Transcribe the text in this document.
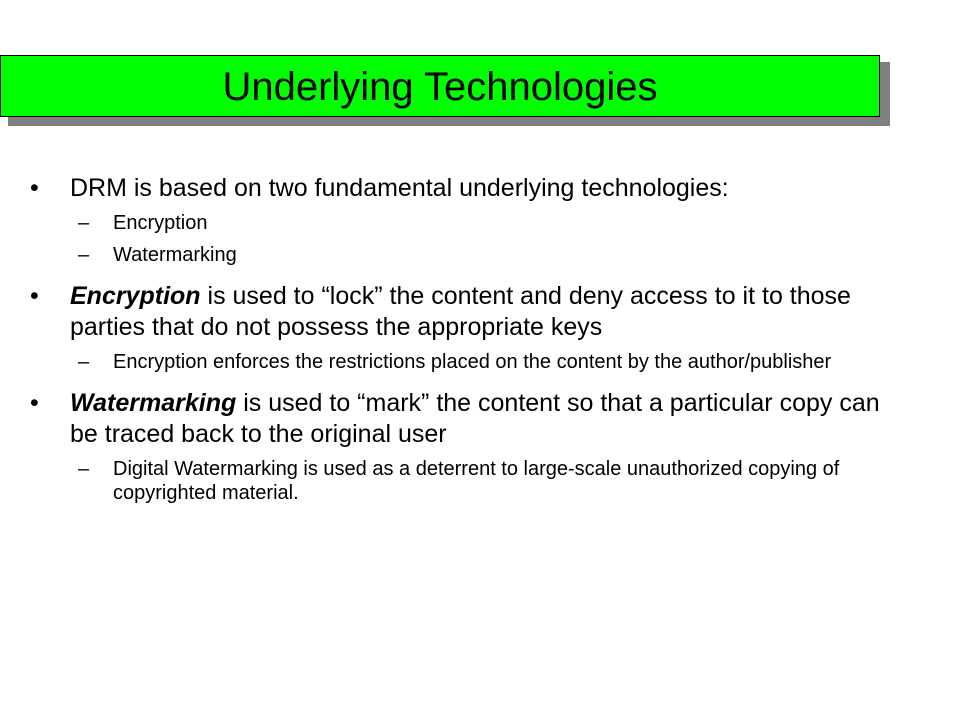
Underlying Technologies
• DRM is based on two fundamental underlying technologies:
– Encryption
– Watermarking
• Encryption is used to “lock” the content and deny access to it to those parties that do not possess the appropriate keys
– Encryption enforces the restrictions placed on the content by the author/publisher
• Watermarking is used to “mark” the content so that a particular copy can be traced back to the original user
– Digital Watermarking is used as a deterrent to large-scale unauthorized copying of copyrighted material.
